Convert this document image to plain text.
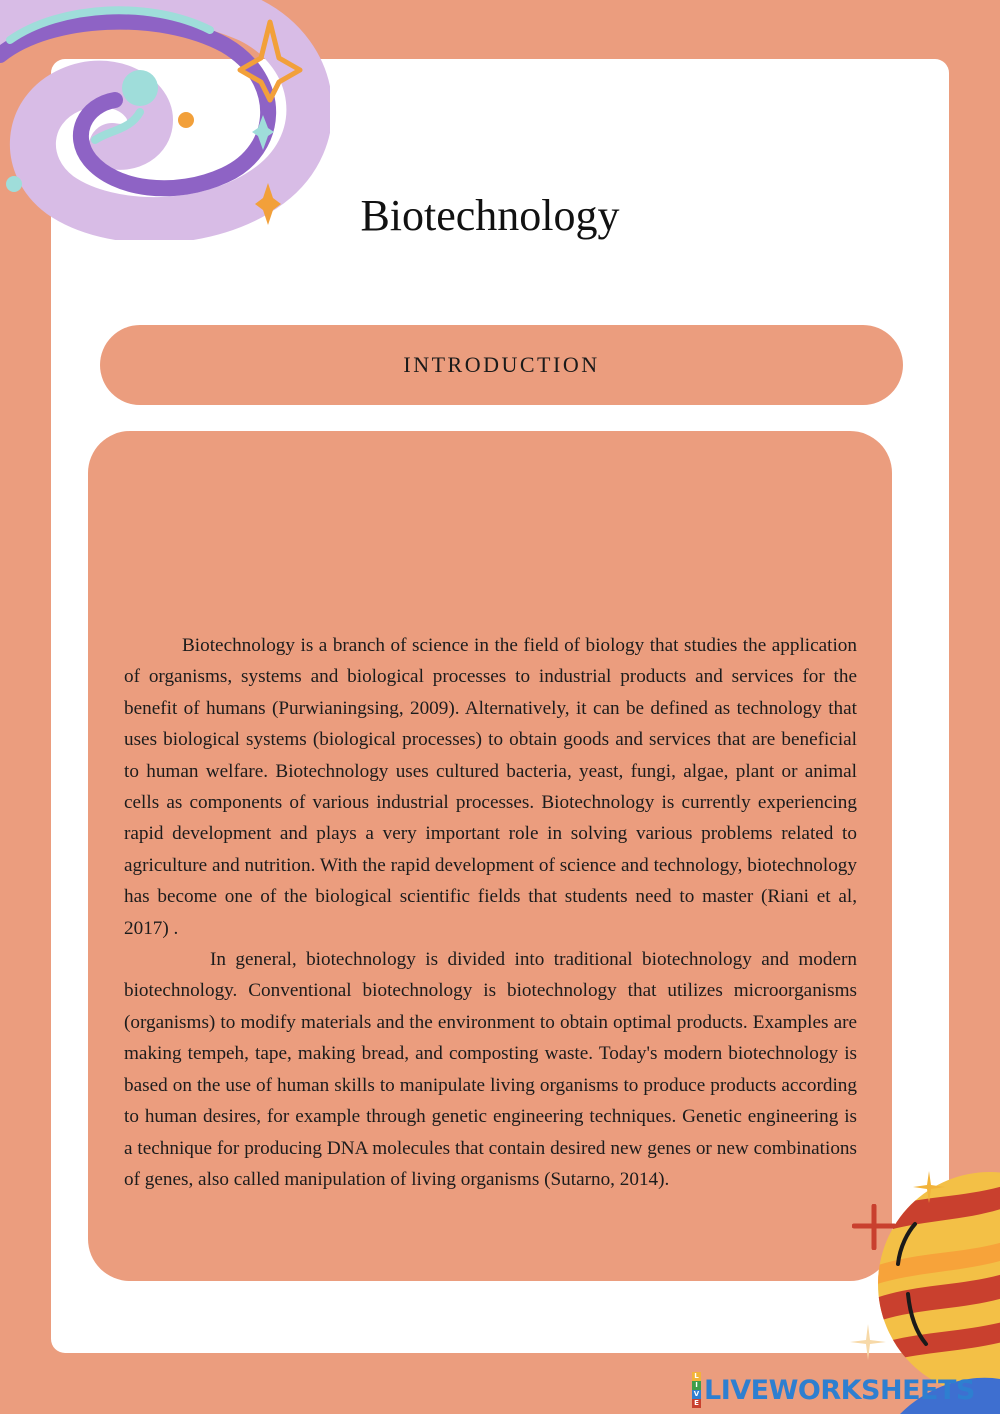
Biotechnology
INTRODUCTION

Biotechnology is a branch of science in the field of biology that studies the application of organisms, systems and biological processes to industrial products and services for the benefit of humans (Purwianingsing, 2009). Alternatively, it can be defined as technology that uses biological systems (biological processes) to obtain goods and services that are beneficial to human welfare. Biotechnology uses cultured bacteria, yeast, fungi, algae, plant or animal cells as components of various industrial processes. Biotechnology is currently experiencing rapid development and plays a very important role in solving various problems related to agriculture and nutrition. With the rapid development of science and technology, biotechnology has become one of the biological scientific fields that students need to master (Riani et al, 2017) .

In general, biotechnology is divided into traditional biotechnology and modern biotechnology. Conventional biotechnology is biotechnology that utilizes microorganisms (organisms) to modify materials and the environment to obtain optimal products. Examples are making tempeh, tape, making bread, and composting waste. Today's modern biotechnology is based on the use of human skills to manipulate living organisms to produce products according to human desires, for example through genetic engineering techniques. Genetic engineering is a technique for producing DNA molecules that contain desired new genes or new combinations of genes, also called manipulation of living organisms (Sutarno, 2014).

L
I
V
E LIVEWORKSHEETS
